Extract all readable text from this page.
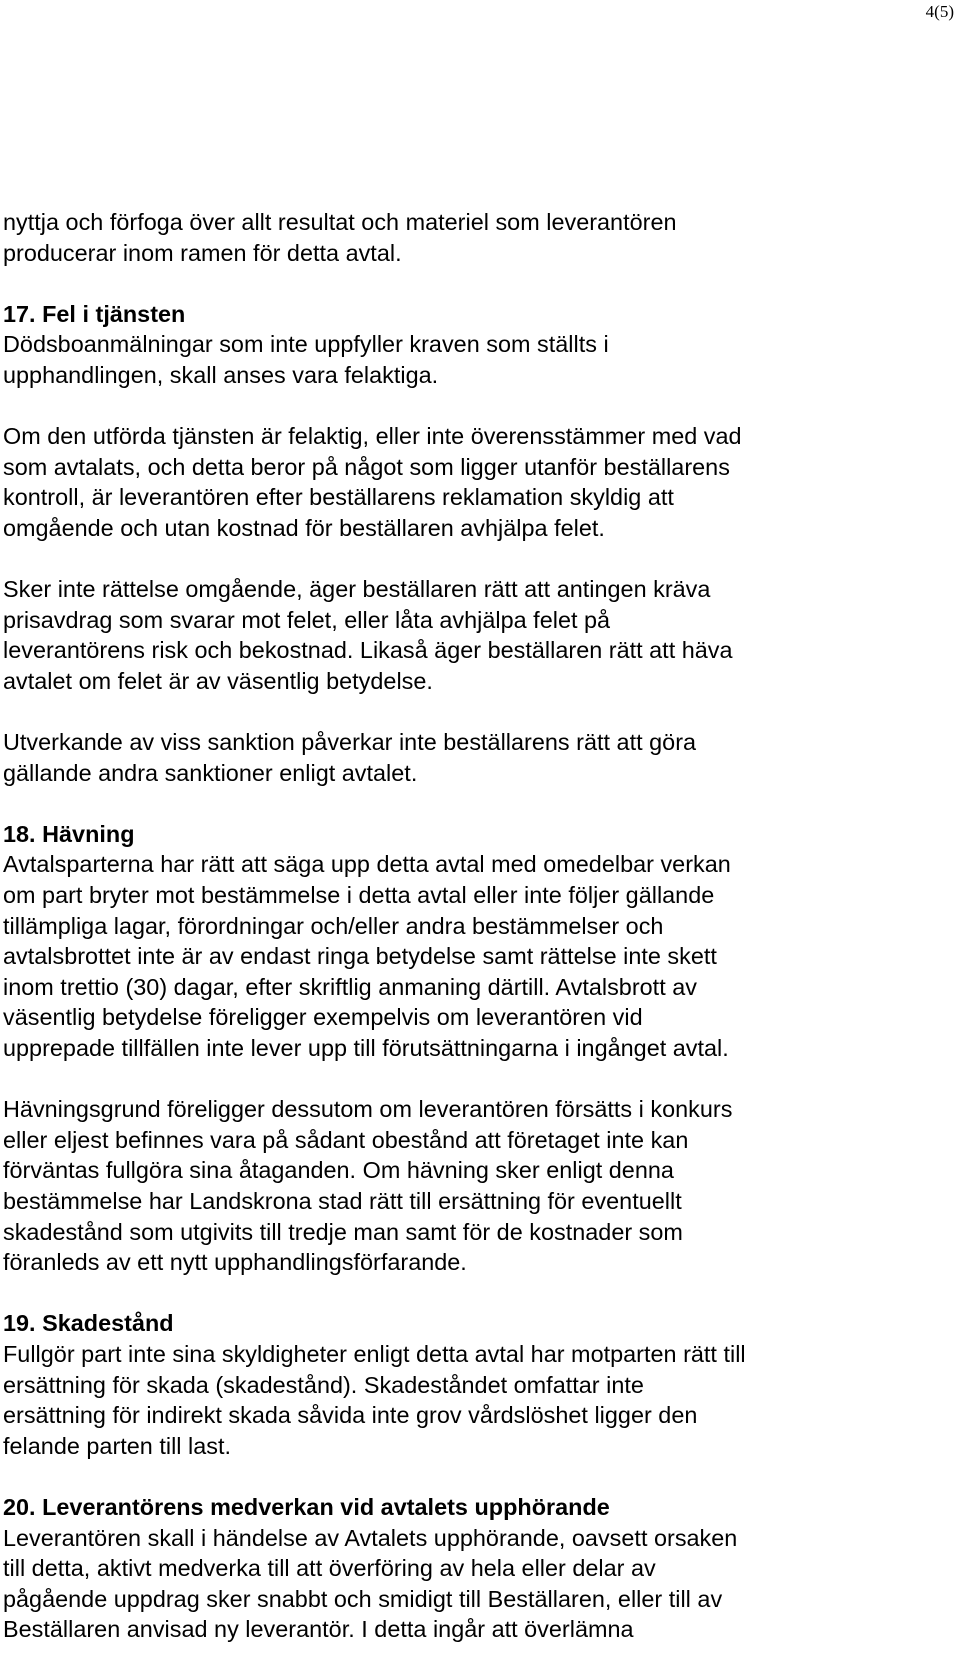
4(5)

nyttja och förfoga över allt resultat och materiel som leverantören
producerar inom ramen för detta avtal.

17. Fel i tjänsten
Dödsboanmälningar som inte uppfyller kraven som ställts i
upphandlingen, skall anses vara felaktiga.

Om den utförda tjänsten är felaktig, eller inte överensstämmer med vad
som avtalats, och detta beror på något som ligger utanför beställarens
kontroll, är leverantören efter beställarens reklamation skyldig att
omgående och utan kostnad för beställaren avhjälpa felet.

Sker inte rättelse omgående, äger beställaren rätt att antingen kräva
prisavdrag som svarar mot felet, eller låta avhjälpa felet på
leverantörens risk och bekostnad. Likaså äger beställaren rätt att häva
avtalet om felet är av väsentlig betydelse.

Utverkande av viss sanktion påverkar inte beställarens rätt att göra
gällande andra sanktioner enligt avtalet.

18. Hävning
Avtalsparterna har rätt att säga upp detta avtal med omedelbar verkan
om part bryter mot bestämmelse i detta avtal eller inte följer gällande
tillämpliga lagar, förordningar och/eller andra bestämmelser och
avtalsbrottet inte är av endast ringa betydelse samt rättelse inte skett
inom trettio (30) dagar, efter skriftlig anmaning därtill. Avtalsbrott av
väsentlig betydelse föreligger exempelvis om leverantören vid
upprepade tillfällen inte lever upp till förutsättningarna i ingånget avtal.

Hävningsgrund föreligger dessutom om leverantören försätts i konkurs
eller eljest befinnes vara på sådant obestånd att företaget inte kan
förväntas fullgöra sina åtaganden. Om hävning sker enligt denna
bestämmelse har Landskrona stad rätt till ersättning för eventuellt
skadestånd som utgivits till tredje man samt för de kostnader som
föranleds av ett nytt upphandlingsförfarande.

19. Skadestånd
Fullgör part inte sina skyldigheter enligt detta avtal har motparten rätt till
ersättning för skada (skadestånd). Skadeståndet omfattar inte
ersättning för indirekt skada såvida inte grov vårdslöshet ligger den
felande parten till last.

20. Leverantörens medverkan vid avtalets upphörande
Leverantören skall i händelse av Avtalets upphörande, oavsett orsaken
till detta, aktivt medverka till att överföring av hela eller delar av
pågående uppdrag sker snabbt och smidigt till Beställaren, eller till av
Beställaren anvisad ny leverantör. I detta ingår att överlämna
